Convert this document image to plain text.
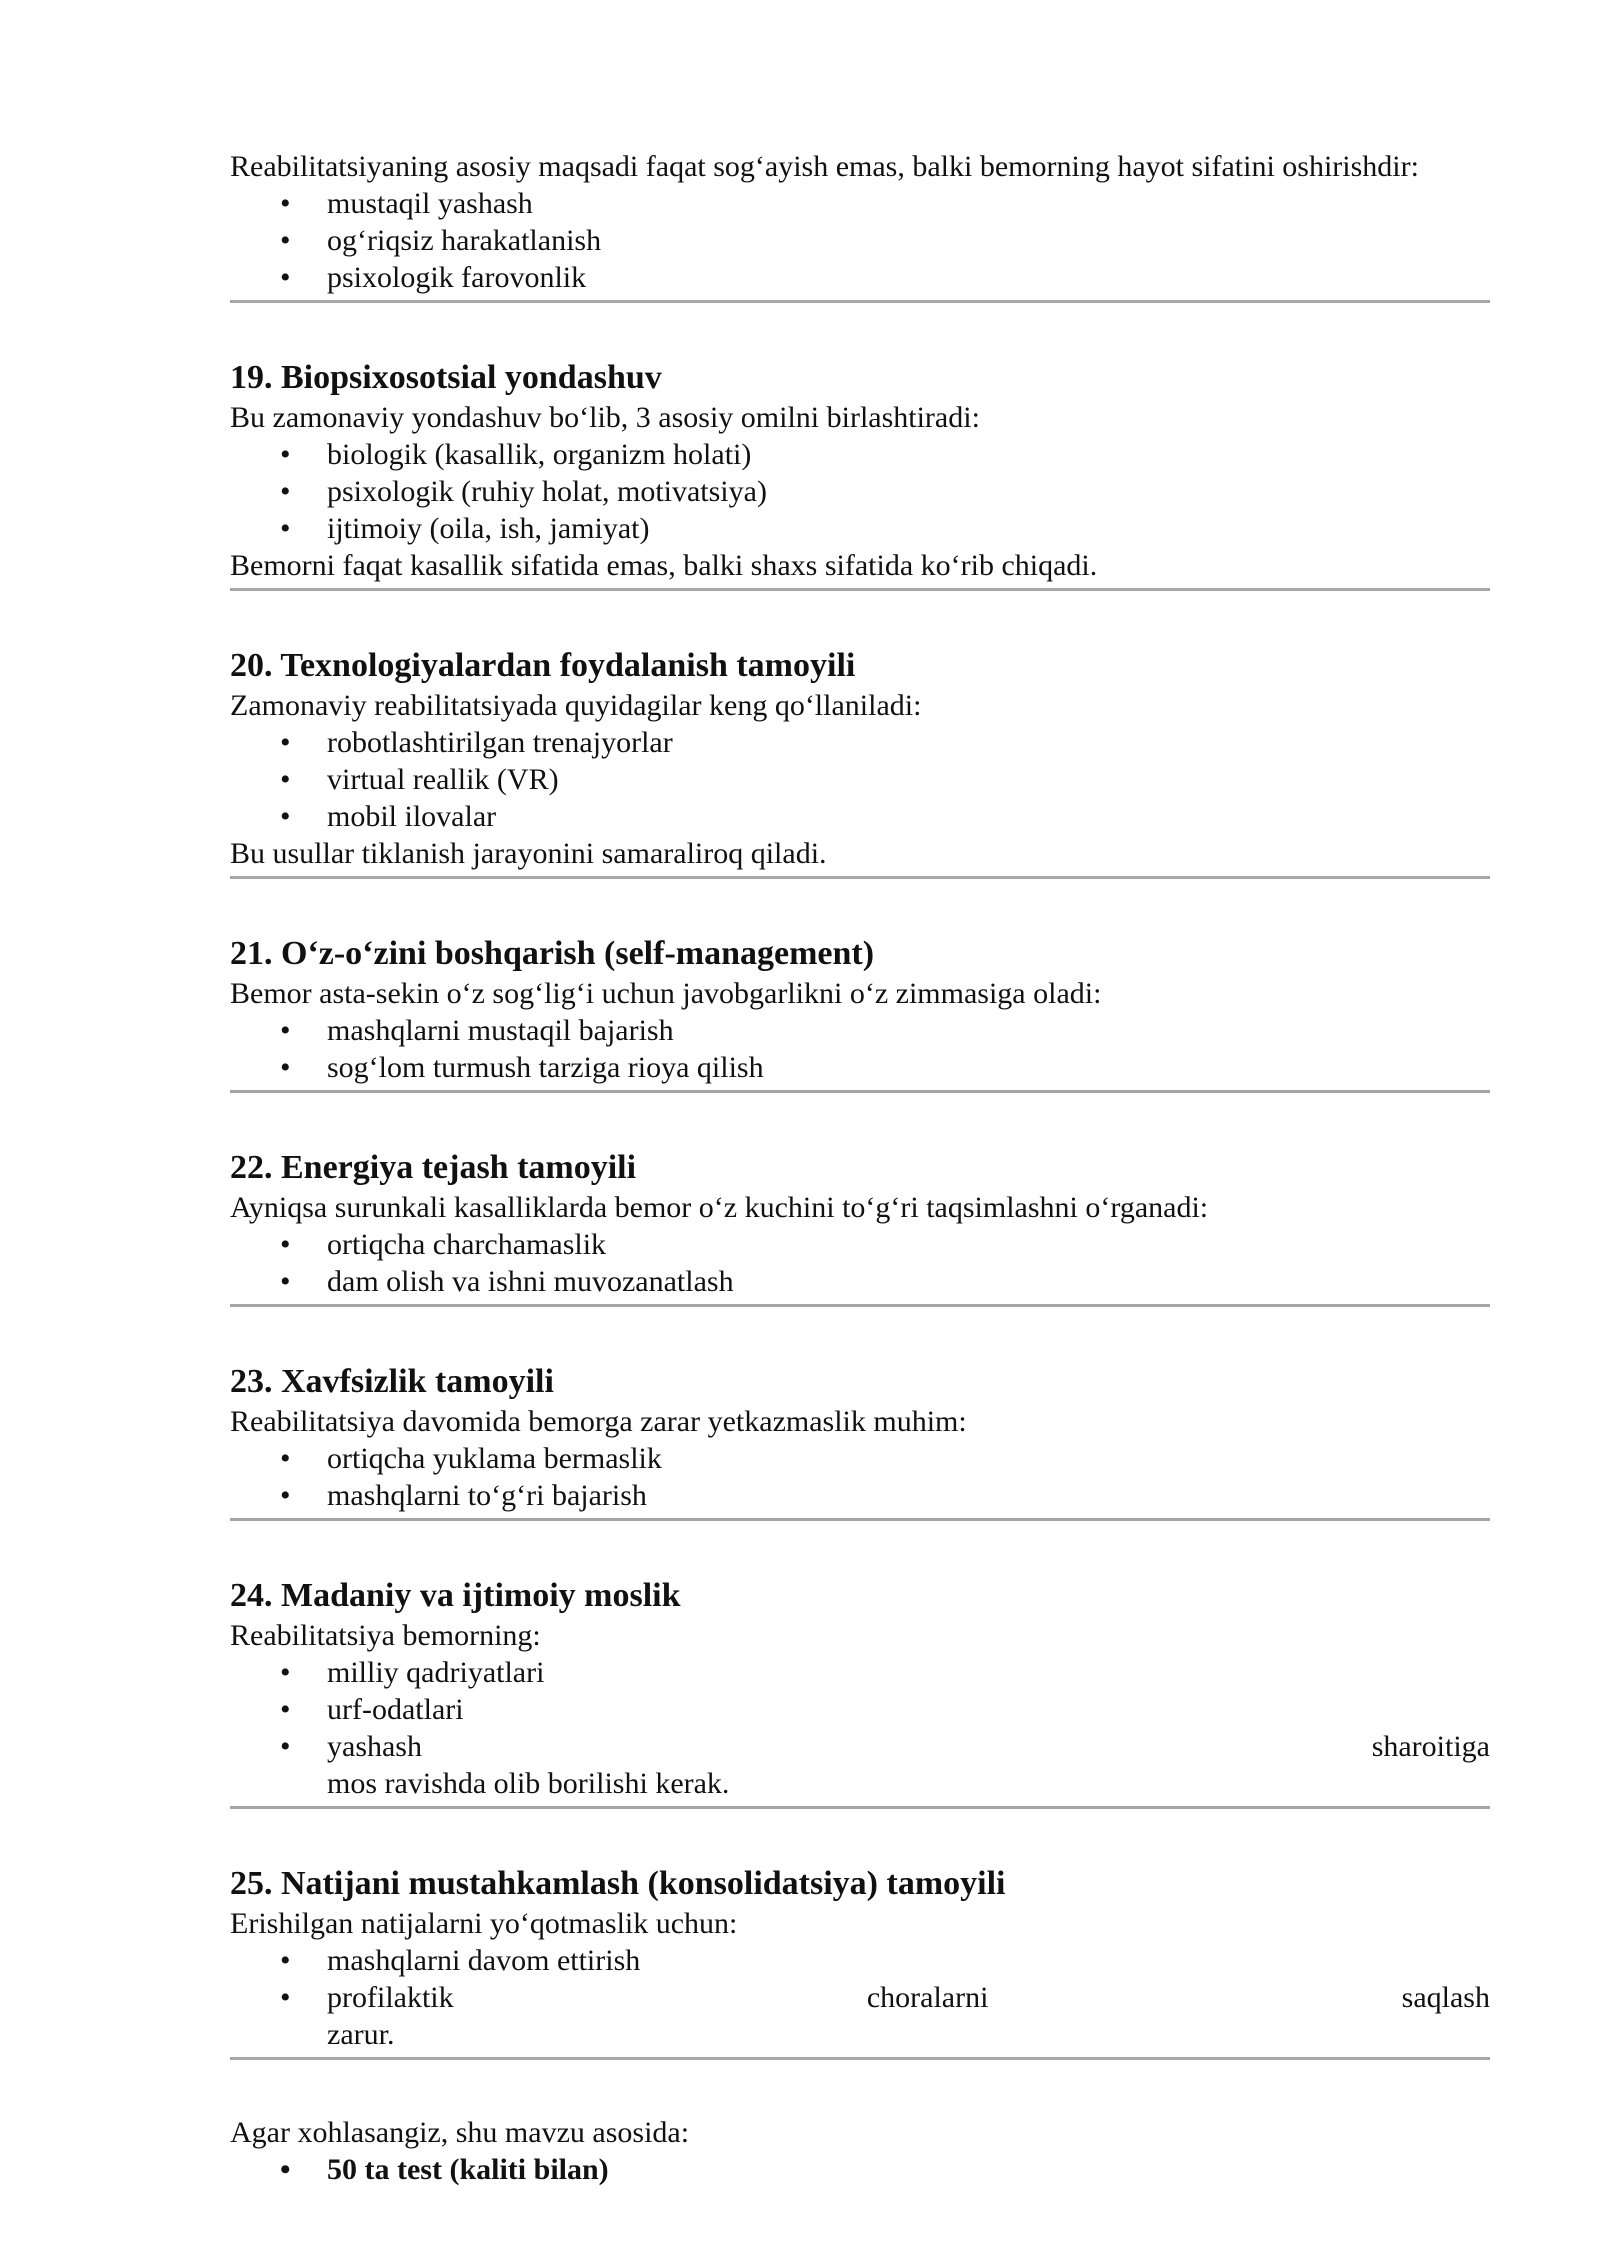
Reabilitatsiyaning asosiy maqsadi faqat sog‘ayish emas, balki bemorning hayot sifatini oshirishdir:

• mustaqil yashash
• og‘riqsiz harakatlanish
• psixologik farovonlik
19. Biopsixosotsial yondashuv

Bu zamonaviy yondashuv bo‘lib, 3 asosiy omilni birlashtiradi:

• biologik (kasallik, organizm holati)
• psixologik (ruhiy holat, motivatsiya)
• ijtimoiy (oila, ish, jamiyat)

Bemorni faqat kasallik sifatida emas, balki shaxs sifatida ko‘rib chiqadi.

20. Texnologiyalardan foydalanish tamoyili

Zamonaviy reabilitatsiyada quyidagilar keng qo‘llaniladi:

• robotlashtirilgan trenajyorlar
• virtual reallik (VR)
• mobil ilovalar

Bu usullar tiklanish jarayonini samaraliroq qiladi.

21. O‘z-o‘zini boshqarish (self-management)

Bemor asta-sekin o‘z sog‘lig‘i uchun javobgarlikni o‘z zimmasiga oladi:

• mashqlarni mustaqil bajarish
• sog‘lom turmush tarziga rioya qilish
22. Energiya tejash tamoyili

Ayniqsa surunkali kasalliklarda bemor o‘z kuchini to‘g‘ri taqsimlashni o‘rganadi:

• ortiqcha charchamaslik
• dam olish va ishni muvozanatlash
23. Xavfsizlik tamoyili

Reabilitatsiya davomida bemorga zarar yetkazmaslik muhim:

• ortiqcha yuklama bermaslik
• mashqlarni to‘g‘ri bajarish
24. Madaniy va ijtimoiy moslik

Reabilitatsiya bemorning:

• milliy qadriyatlari
• urf-odatlari
• yashash	sharoitiga
mos ravishda olib borilishi kerak.
25. Natijani mustahkamlash (konsolidatsiya) tamoyili

Erishilgan natijalarni yo‘qotmaslik uchun:

• mashqlarni davom ettirish
• profilaktik	choralarni	saqlash
zarur.

Agar xohlasangiz, shu mavzu asosida:

• 50 ta test (kaliti bilan)
